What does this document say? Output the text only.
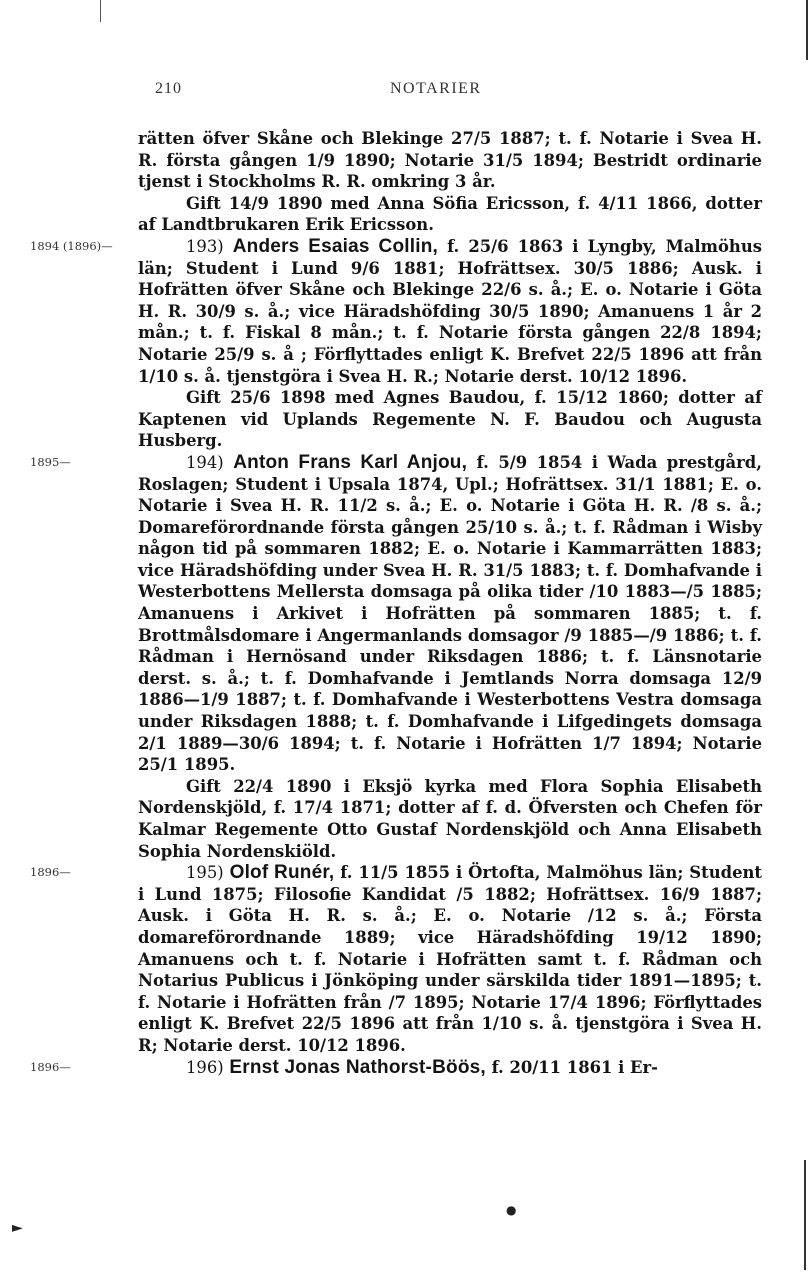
►
●
210	NOTARIER

rätten öfver Skåne och Blekinge 27/5 1887; t. f. Notarie i Svea H. R. första gången 1/9 1890; Notarie 31/5 1894; Bestridt ordinarie tjenst i Stockholms R. R. omkring 3 år.

Gift 14/9 1890 med Anna Söfia Ericsson, f. 4/11 1866, dotter af Landtbrukaren Erik Ericsson.

1894 (1896)—	193) Anders Esaias Collin, f. 25/6 1863 i Lyngby, Malmöhus län; Student i Lund 9/6 1881; Hofrättsex. 30/5 1886; Ausk. i Hofrätten öfver Skåne och Blekinge 22/6 s. å.; E. o. Notarie i Göta H. R. 30/9 s. å.; vice Häradshöfding 30/5 1890; Amanuens 1 år 2 mån.; t. f. Fiskal 8 mån.; t. f. Notarie första gången 22/8 1894; Notarie 25/9 s. å ; Förflyttades enligt K. Brefvet 22/5 1896 att från 1/10 s. å. tjenstgöra i Svea H. R.; Notarie derst. 10/12 1896.

Gift 25/6 1898 med Agnes Baudou, f. 15/12 1860; dotter af Kaptenen vid Uplands Regemente N. F. Baudou och Augusta Husberg.

1895—	194) Anton Frans Karl Anjou, f. 5/9 1854 i Wada prestgård, Roslagen; Student i Upsala 1874, Upl.; Hofrättsex. 31/1 1881; E. o. Notarie i Svea H. R. 11/2 s. å.; E. o. Notarie i Göta H. R. /8 s. å.; Domareförordnande första gången 25/10 s. å.; t. f. Rådman i Wisby någon tid på sommaren 1882; E. o. Notarie i Kammarrätten 1883; vice Häradshöfding under Svea H. R. 31/5 1883; t. f. Domhafvande i Westerbottens Mellersta domsaga på olika tider /10 1883—/5 1885; Amanuens i Arkivet i Hofrätten på sommaren 1885; t. f. Brottmålsdomare i Angermanlands domsagor /9 1885—/9 1886; t. f. Rådman i Hernösand under Riksdagen 1886; t. f. Länsnotarie derst. s. å.; t. f. Domhafvande i Jemtlands Norra domsaga 12/9 1886—1/9 1887; t. f. Domhafvande i Westerbottens Vestra domsaga under Riksdagen 1888; t. f. Domhafvande i Lifgedingets domsaga 2/1 1889—30/6 1894; t. f. Notarie i Hofrätten 1/7 1894; Notarie 25/1 1895.

Gift 22/4 1890 i Eksjö kyrka med Flora Sophia Elisabeth Nordenskjöld, f. 17/4 1871; dotter af f. d. Öfversten och Chefen för Kalmar Regemente Otto Gustaf Nordenskjöld och Anna Elisabeth Sophia Nordenskiöld.

1896—	195) Olof Runér, f. 11/5 1855 i Örtofta, Malmöhus län; Student i Lund 1875; Filosofie Kandidat /5 1882; Hofrättsex. 16/9 1887; Ausk. i Göta H. R. s. å.; E. o. Notarie /12 s. å.; Första domareförordnande 1889; vice Häradshöfding 19/12 1890; Amanuens och t. f. Notarie i Hofrätten samt t. f. Rådman och Notarius Publicus i Jönköping under särskilda tider 1891—1895; t. f. Notarie i Hofrätten från /7 1895; Notarie 17/4 1896; Förflyttades enligt K. Brefvet 22/5 1896 att från 1/10 s. å. tjenstgöra i Svea H. R; Notarie derst. 10/12 1896.

1896—	196) Ernst Jonas Nathorst-Böös, f. 20/11 1861 i Er-
